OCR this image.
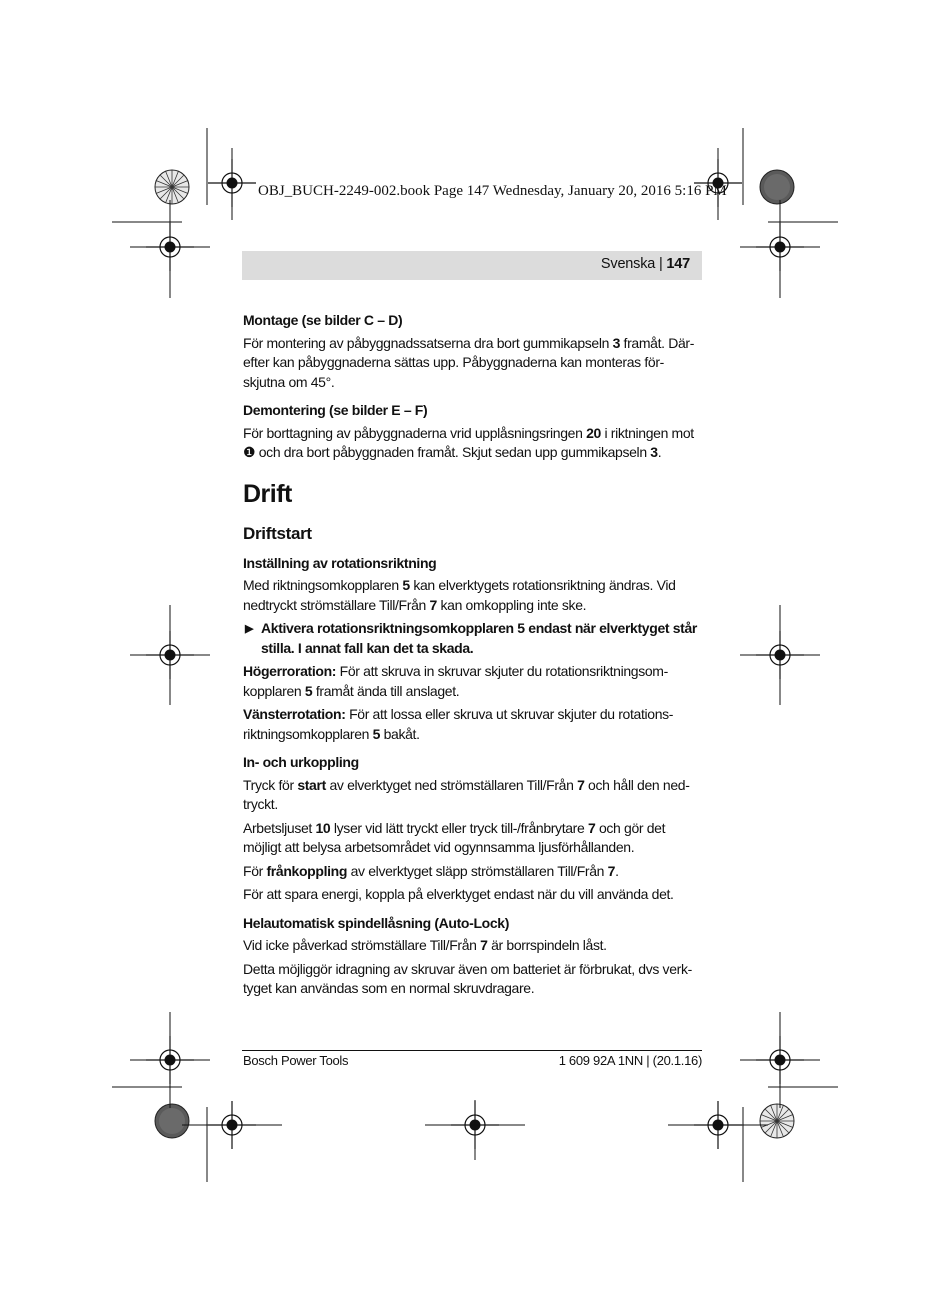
OBJ_BUCH-2249-002.book Page 147 Wednesday, January 20, 2016 5:16 PM
Svenska | 147
Montage (se bilder C – D)

För montering av påbyggnadssatserna dra bort gummikapseln 3 framåt. Där-efter kan påbyggnaderna sättas upp. Påbyggnaderna kan monteras för-skjutna om 45°.

Demontering (se bilder E – F)

För borttagning av påbyggnaderna vrid upplåsningsringen 20 i riktningen mot ❶ och dra bort påbyggnaden framåt. Skjut sedan upp gummikapseln 3.

Drift
Driftstart
Inställning av rotationsriktning

Med riktningsomkopplaren 5 kan elverktygets rotationsriktning ändras. Vid nedtryckt strömställare Till/Från 7 kan omkoppling inte ske.

▶ Aktivera rotationsriktningsomkopplaren 5 endast när elverktyget står stilla. I annat fall kan det ta skada.

Högerroration: För att skruva in skruvar skjuter du rotationsriktningsom-kopplaren 5 framåt ända till anslaget.

Vänsterrotation: För att lossa eller skruva ut skruvar skjuter du rotations-riktningsomkopplaren 5 bakåt.

In- och urkoppling

Tryck för start av elverktyget ned strömställaren Till/Från 7 och håll den ned-tryckt.

Arbetsljuset 10 lyser vid lätt tryckt eller tryck till-/frånbrytare 7 och gör det möjligt att belysa arbetsområdet vid ogynnsamma ljusförhållanden.

För frånkoppling av elverktyget släpp strömställaren Till/Från 7.

För att spara energi, koppla på elverktyget endast när du vill använda det.

Helautomatisk spindellåsning (Auto-Lock)

Vid icke påverkad strömställare Till/Från 7 är borrspindeln låst.

Detta möjliggör idragning av skruvar även om batteriet är förbrukat, dvs verk-tyget kan användas som en normal skruvdragare.

Bosch Power Tools	1 609 92A 1NN | (20.1.16)
